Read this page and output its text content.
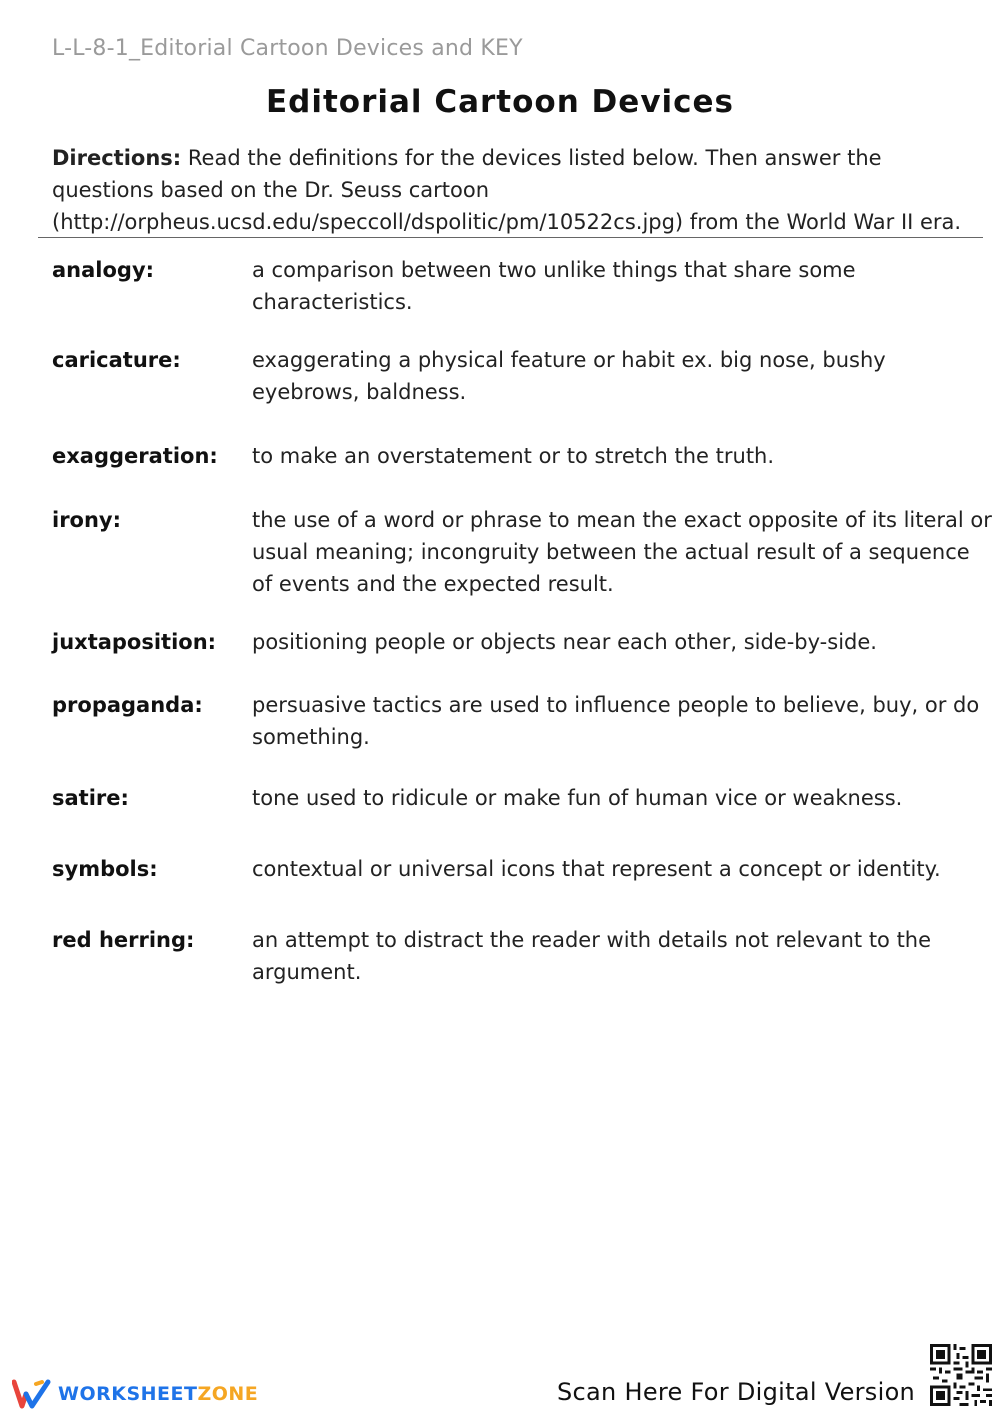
L-L-8-1_Editorial Cartoon Devices and KEY
Editorial Cartoon Devices
Directions: Read the definitions for the devices listed below. Then answer the questions based on the Dr. Seuss cartoon
(http://orpheus.ucsd.edu/speccoll/dspolitic/pm/10522cs.jpg) from the World War II era.
analogy:	a comparison between two unlike things that share some characteristics.
caricature:	exaggerating a physical feature or habit ex. big nose, bushy eyebrows, baldness.
exaggeration: to make an overstatement or to stretch the truth.
irony:	the use of a word or phrase to mean the exact opposite of its literal or usual meaning; incongruity between the actual result of a sequence of events and the expected result.
juxtaposition: positioning people or objects near each other, side-by-side.
propaganda: persuasive tactics are used to influence people to believe, buy, or do something.
satire:	tone used to ridicule or make fun of human vice or weakness.
symbols:	contextual or universal icons that represent a concept or identity.
red herring:	an attempt to distract the reader with details not relevant to the argument.
WORKSHEETZONE	Scan Here For Digital Version
